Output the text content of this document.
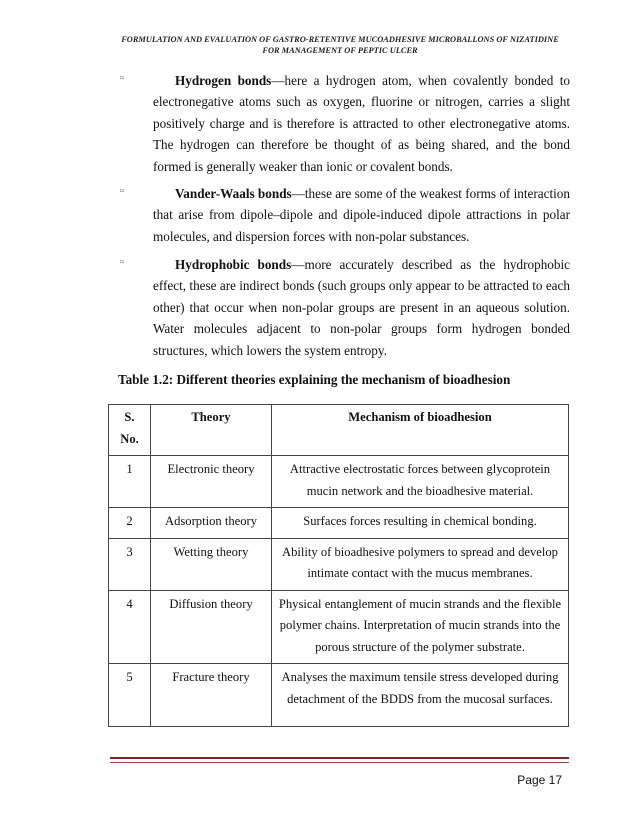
FORMULATION AND EVALUATION OF GASTRO-RETENTIVE MUCOADHESIVE MICROBALLONS OF NIZATIDINE
FOR MANAGEMENT OF PEPTIC ULCER
▫	Hydrogen bonds—here a hydrogen atom, when covalently bonded to electronegative atoms such as oxygen, fluorine or nitrogen, carries a slight positively charge and is therefore is attracted to other electronegative atoms. The hydrogen can therefore be thought of as being shared, and the bond formed is generally weaker than ionic or covalent bonds.

▫	Vander-Waals bonds—these are some of the weakest forms of interaction that arise from dipole–dipole and dipole-induced dipole attractions in polar molecules, and dispersion forces with non-polar substances.

▫	Hydrophobic bonds—more accurately described as the hydrophobic effect, these are indirect bonds (such groups only appear to be attracted to each other) that occur when non-polar groups are present in an aqueous solution. Water molecules adjacent to non-polar groups form hydrogen bonded structures, which lowers the system entropy.

Table 1.2: Different theories explaining the mechanism of bioadhesion
S. No.	Theory	Mechanism of bioadhesion
1	Electronic theory	Attractive electrostatic forces between glycoprotein mucin network and the bioadhesive material.
2	Adsorption theory	Surfaces forces resulting in chemical bonding.
3	Wetting theory	Ability of bioadhesive polymers to spread and develop intimate contact with the mucus membranes.
4	Diffusion theory	Physical entanglement of mucin strands and the flexible polymer chains. Interpretation of mucin strands into the porous structure of the polymer substrate.
5	Fracture theory	Analyses the maximum tensile stress developed during detachment of the BDDS from the mucosal surfaces.
Page 17
